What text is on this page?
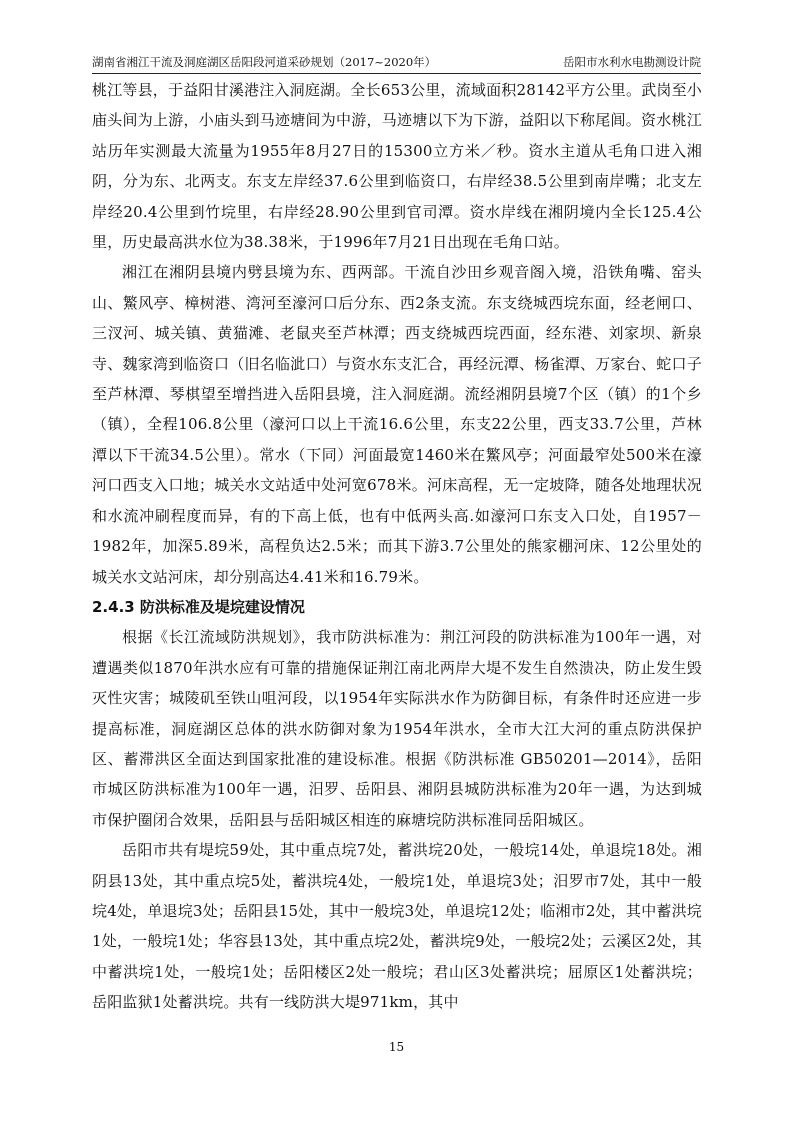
湖南省湘江干流及洞庭湖区岳阳段河道采砂规划（2017~2020年）	岳阳市水利水电勘测设计院

桃江等县，于益阳甘溪港注入洞庭湖。全长653公里，流域面积28142平方公里。武岗至小庙头间为上游，小庙头到马迹塘间为中游，马迹塘以下为下游，益阳以下称尾闾。资水桃江站历年实测最大流量为1955年8月27日的15300立方米／秒。资水主道从毛角口进入湘阴，分为东、北两支。东支左岸经37.6公里到临资口，右岸经38.5公里到南岸嘴；北支左岸经20.4公里到竹垸里，右岸经28.90公里到官司潭。资水岸线在湘阴境内全长125.4公里，历史最高洪水位为38.38米，于1996年7月21日出现在毛角口站。

湘江在湘阴县境内劈县境为东、西两部。干流自沙田乡观音阁入境，沿铁角嘴、窑头山、鰵风亭、樟树港、湾河至濠河口后分东、西2条支流。东支绕城西垸东面，经老闸口、三汊河、城关镇、黄猫滩、老鼠夹至芦林潭；西支绕城西垸西面，经东港、刘家坝、新泉寺、魏家湾到临资口（旧名临泚口）与资水东支汇合，再经沅潭、杨雀潭、万家台、蛇口子至芦林潭、琴棋望至增挡进入岳阳县境，注入洞庭湖。流经湘阴县境7个区（镇）的1个乡（镇），全程106.8公里（濠河口以上干流16.6公里，东支22公里，西支33.7公里，芦林潭以下干流34.5公里）。常水（下同）河面最宽1460米在鰵风亭；河面最窄处500米在濠河口西支入口地；城关水文站适中处河宽678米。河床高程，无一定坡降，随各处地理状况和水流冲刷程度而异，有的下高上低，也有中低两头高.如濠河口东支入口处，自1957－1982年，加深5.89米，高程负达2.5米；而其下游3.7公里处的熊家棚河床、12公里处的城关水文站河床，却分别高达4.41米和16.79米。

2.4.3 防洪标准及堤垸建设情况

根据《长江流域防洪规划》，我市防洪标准为：荆江河段的防洪标准为100年一遇，对遭遇类似1870年洪水应有可靠的措施保证荆江南北两岸大堤不发生自然溃决，防止发生毁灭性灾害；城陵矶至铁山咀河段，以1954年实际洪水作为防御目标，有条件时还应进一步提高标准，洞庭湖区总体的洪水防御对象为1954年洪水，全市大江大河的重点防洪保护区、蓄滞洪区全面达到国家批准的建设标准。根据《防洪标准 GB50201—2014》，岳阳市城区防洪标准为100年一遇，汨罗、岳阳县、湘阴县城防洪标准为20年一遇，为达到城市保护圈闭合效果，岳阳县与岳阳城区相连的麻塘垸防洪标准同岳阳城区。

岳阳市共有堤垸59处，其中重点垸7处，蓄洪垸20处，一般垸14处，单退垸18处。湘阴县13处，其中重点垸5处，蓄洪垸4处，一般垸1处，单退垸3处；汨罗市7处，其中一般垸4处，单退垸3处；岳阳县15处，其中一般垸3处，单退垸12处；临湘市2处，其中蓄洪垸1处，一般垸1处；华容县13处，其中重点垸2处，蓄洪垸9处，一般垸2处；云溪区2处，其中蓄洪垸1处，一般垸1处；岳阳楼区2处一般垸；君山区3处蓄洪垸；屈原区1处蓄洪垸；岳阳监狱1处蓄洪垸。共有一线防洪大堤971km，其中

15
